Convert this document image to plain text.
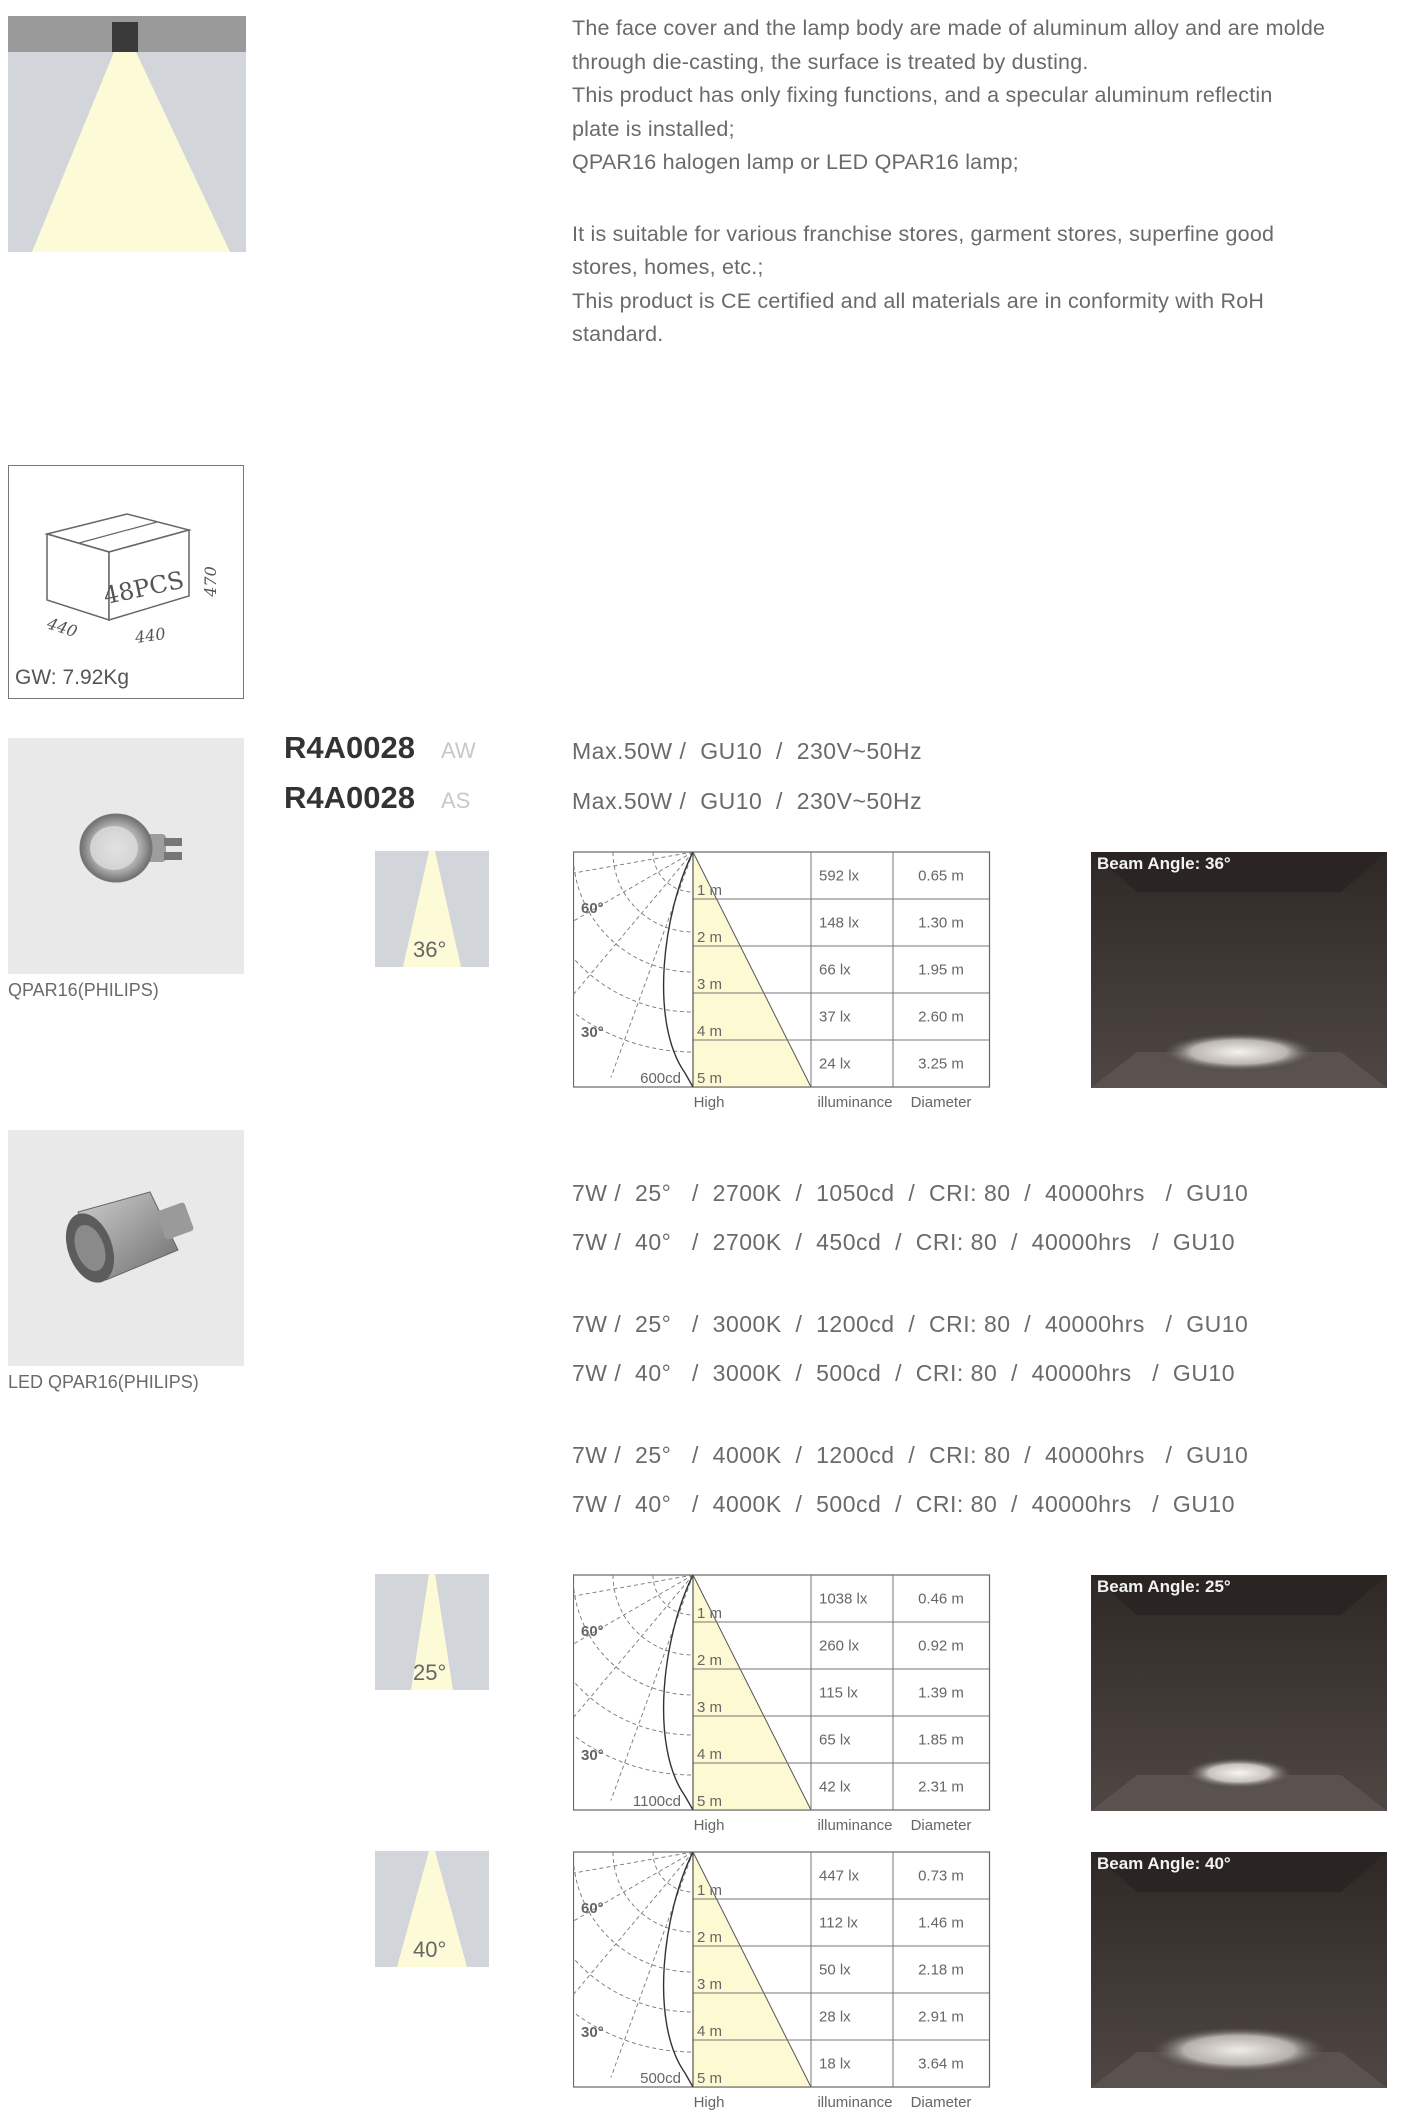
The face cover and the lamp body are made of aluminum alloy and are molde

through die-casting, the surface is treated by dusting.

This product has only fixing functions, and a specular aluminum reflectin

plate is installed;

QPAR16 halogen lamp or LED QPAR16 lamp;

It is suitable for various franchise stores, garment stores, superfine good

stores, homes, etc.;

This product is CE certified and all materials are in conformity with RoH

standard.

48PCS
440	440
470
GW: 7.92Kg
QPAR16(PHILIPS)
R4A0028 AW
R4A0028 AS
Max.50W /  GU10  /  230V~50Hz
Max.50W /  GU10  /  230V~50Hz
36°
25°
40°
60°
30°
600cd
1 m
592 lx	0.65 m
2 m
148 lx	1.30 m
3 m
66 lx	1.95 m
4 m
37 lx	2.60 m
5 m
24 lx	3.25 m
High	illuminance Diameter
60°
30°
1100cd
1 m
1038 lx	0.46 m
2 m
260 lx	0.92 m
3 m
115 lx	1.39 m
4 m
65 lx	1.85 m
5 m
42 lx	2.31 m
High	illuminance Diameter
60°
30°
500cd
1 m
447 lx	0.73 m
2 m
112 lx	1.46 m
3 m
50 lx	2.18 m
4 m
28 lx	2.91 m
5 m
18 lx	3.64 m
High	illuminance Diameter
Beam Angle: 36°
Beam Angle: 25°
Beam Angle: 40°
LED QPAR16(PHILIPS)
7W /  25°   /  2700K  /  1050cd  /  CRI: 80  /  40000hrs   /  GU10
7W /  40°   /  2700K  /  450cd  /  CRI: 80  /  40000hrs   /  GU10
7W /  25°   /  3000K  /  1200cd  /  CRI: 80  /  40000hrs   /  GU10
7W /  40°   /  3000K  /  500cd  /  CRI: 80  /  40000hrs   /  GU10
7W /  25°   /  4000K  /  1200cd  /  CRI: 80  /  40000hrs   /  GU10
7W /  40°   /  4000K  /  500cd  /  CRI: 80  /  40000hrs   /  GU10
